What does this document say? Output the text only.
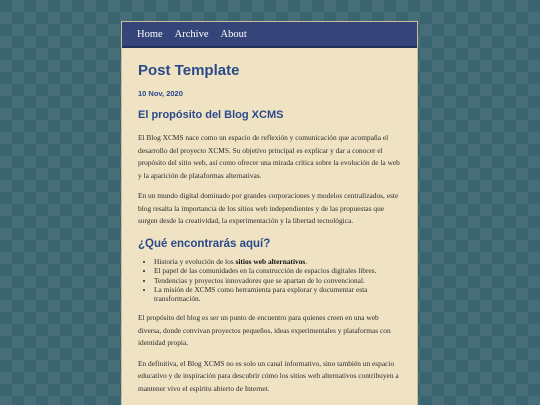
Home Archive About
Post Template
10 Nov, 2020
El propósito del Blog XCMS

El Blog XCMS nace como un espacio de reflexión y comunicación que acompaña el desarrollo del proyecto XCMS. Su objetivo principal es explicar y dar a conocer el propósito del sitio web, así como ofrecer una mirada crítica sobre la evolución de la web y la aparición de plataformas alternativas.

En un mundo digital dominado por grandes corporaciones y modelos centralizados, este blog resalta la importancia de los sitios web independientes y de las propuestas que surgen desde la creatividad, la experimentación y la libertad tecnológica.

¿Qué encontrarás aquí?
• Historia y evolución de los sitios web alternativos.
• El papel de las comunidades en la construcción de espacios digitales libres.
• Tendencias y proyectos innovadores que se apartan de lo convencional.
• La misión de XCMS como herramienta para explorar y documentar esta transformación.

El propósito del blog es ser un punto de encuentro para quienes creen en una web diversa, donde convivan proyectos pequeños, ideas experimentales y plataformas con identidad propia.

En definitiva, el Blog XCMS no es solo un canal informativo, sino también un espacio educativo y de inspiración para descubrir cómo los sitios web alternativos contribuyen a mantener vivo el espíritu abierto de Internet.
